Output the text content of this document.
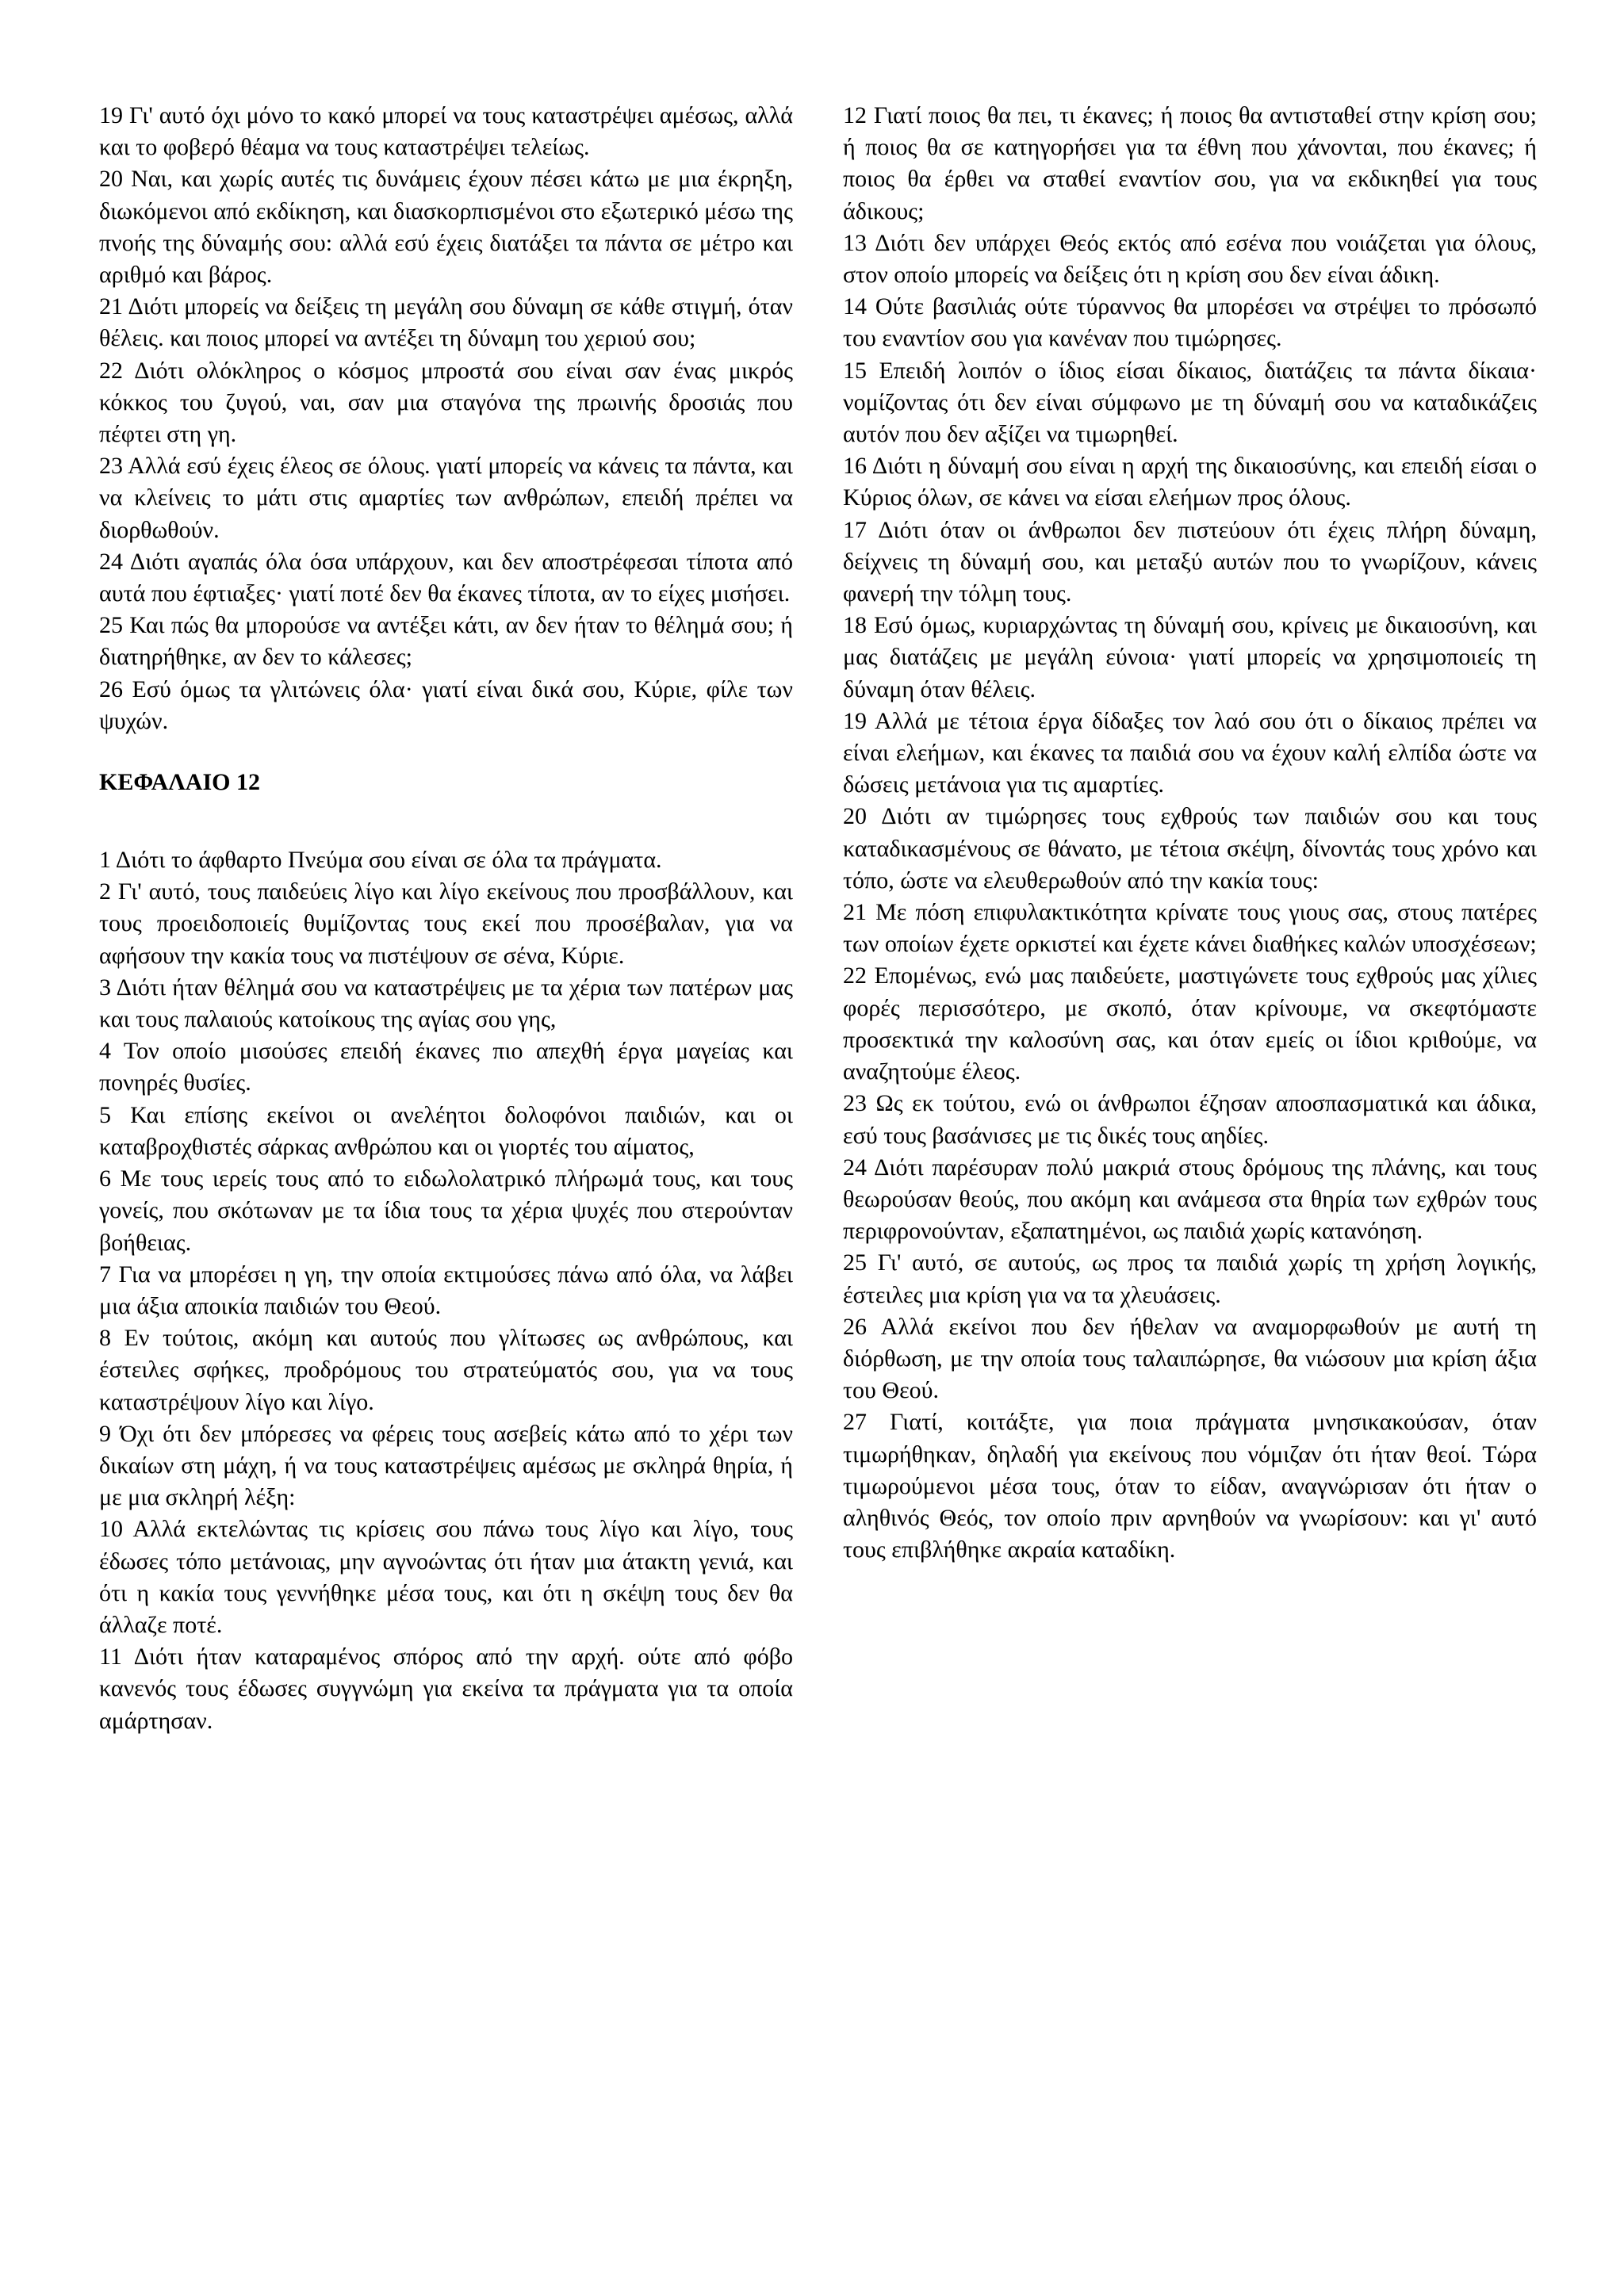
19 Γι' αυτό όχι μόνο το κακό μπορεί να τους καταστρέψει αμέσως, αλλά και το φοβερό θέαμα να τους καταστρέψει τελείως.

20 Ναι, και χωρίς αυτές τις δυνάμεις έχουν πέσει κάτω με μια έκρηξη, διωκόμενοι από εκδίκηση, και διασκορπισμένοι στο εξωτερικό μέσω της πνοής της δύναμής σου: αλλά εσύ έχεις διατάξει τα πάντα σε μέτρο και αριθμό και βάρος.

21 Διότι μπορείς να δείξεις τη μεγάλη σου δύναμη σε κάθε στιγμή, όταν θέλεις. και ποιος μπορεί να αντέξει τη δύναμη του χεριού σου;

22 Διότι ολόκληρος ο κόσμος μπροστά σου είναι σαν ένας μικρός κόκκος του ζυγού, ναι, σαν μια σταγόνα της πρωινής δροσιάς που πέφτει στη γη.

23 Αλλά εσύ έχεις έλεος σε όλους. γιατί μπορείς να κάνεις τα πάντα, και να κλείνεις το μάτι στις αμαρτίες των ανθρώπων, επειδή πρέπει να διορθωθούν.

24 Διότι αγαπάς όλα όσα υπάρχουν, και δεν αποστρέφεσαι τίποτα από αυτά που έφτιαξες· γιατί ποτέ δεν θα έκανες τίποτα, αν το είχες μισήσει.

25 Και πώς θα μπορούσε να αντέξει κάτι, αν δεν ήταν το θέλημά σου; ή διατηρήθηκε, αν δεν το κάλεσες;

26 Εσύ όμως τα γλιτώνεις όλα· γιατί είναι δικά σου, Κύριε, φίλε των ψυχών.

ΚΕΦΑΛΑΙΟ 12

1 Διότι το άφθαρτο Πνεύμα σου είναι σε όλα τα πράγματα.

2 Γι' αυτό, τους παιδεύεις λίγο και λίγο εκείνους που προσβάλλουν, και τους προειδοποιείς θυμίζοντας τους εκεί που προσέβαλαν, για να αφήσουν την κακία τους να πιστέψουν σε σένα, Κύριε.

3 Διότι ήταν θέλημά σου να καταστρέψεις με τα χέρια των πατέρων μας και τους παλαιούς κατοίκους της αγίας σου γης,

4 Τον οποίο μισούσες επειδή έκανες πιο απεχθή έργα μαγείας και πονηρές θυσίες.

5 Και επίσης εκείνοι οι ανελέητοι δολοφόνοι παιδιών, και οι καταβροχθιστές σάρκας ανθρώπου και οι γιορτές του αίματος,

6 Με τους ιερείς τους από το ειδωλολατρικό πλήρωμά τους, και τους γονείς, που σκότωναν με τα ίδια τους τα χέρια ψυχές που στερούνταν βοήθειας.

7 Για να μπορέσει η γη, την οποία εκτιμούσες πάνω από όλα, να λάβει μια άξια αποικία παιδιών του Θεού.

8 Εν τούτοις, ακόμη και αυτούς που γλίτωσες ως ανθρώπους, και έστειλες σφήκες, προδρόμους του στρατεύματός σου, για να τους καταστρέψουν λίγο και λίγο.

9 Όχι ότι δεν μπόρεσες να φέρεις τους ασεβείς κάτω από το χέρι των δικαίων στη μάχη, ή να τους καταστρέψεις αμέσως με σκληρά θηρία, ή με μια σκληρή λέξη:

10 Αλλά εκτελώντας τις κρίσεις σου πάνω τους λίγο και λίγο, τους έδωσες τόπο μετάνοιας, μην αγνοώντας ότι ήταν μια άτακτη γενιά, και ότι η κακία τους γεννήθηκε μέσα τους, και ότι η σκέψη τους δεν θα άλλαζε ποτέ.

11 Διότι ήταν καταραμένος σπόρος από την αρχή. ούτε από φόβο κανενός τους έδωσες συγγνώμη για εκείνα τα πράγματα για τα οποία αμάρτησαν.

12 Γιατί ποιος θα πει, τι έκανες; ή ποιος θα αντισταθεί στην κρίση σου; ή ποιος θα σε κατηγορήσει για τα έθνη που χάνονται, που έκανες; ή ποιος θα έρθει να σταθεί εναντίον σου, για να εκδικηθεί για τους άδικους;

13 Διότι δεν υπάρχει Θεός εκτός από εσένα που νοιάζεται για όλους, στον οποίο μπορείς να δείξεις ότι η κρίση σου δεν είναι άδικη.

14 Ούτε βασιλιάς ούτε τύραννος θα μπορέσει να στρέψει το πρόσωπό του εναντίον σου για κανέναν που τιμώρησες.

15 Επειδή λοιπόν ο ίδιος είσαι δίκαιος, διατάζεις τα πάντα δίκαια· νομίζοντας ότι δεν είναι σύμφωνο με τη δύναμή σου να καταδικάζεις αυτόν που δεν αξίζει να τιμωρηθεί.

16 Διότι η δύναμή σου είναι η αρχή της δικαιοσύνης, και επειδή είσαι ο Κύριος όλων, σε κάνει να είσαι ελεήμων προς όλους.

17 Διότι όταν οι άνθρωποι δεν πιστεύουν ότι έχεις πλήρη δύναμη, δείχνεις τη δύναμή σου, και μεταξύ αυτών που το γνωρίζουν, κάνεις φανερή την τόλμη τους.

18 Εσύ όμως, κυριαρχώντας τη δύναμή σου, κρίνεις με δικαιοσύνη, και μας διατάζεις με μεγάλη εύνοια· γιατί μπορείς να χρησιμοποιείς τη δύναμη όταν θέλεις.

19 Αλλά με τέτοια έργα δίδαξες τον λαό σου ότι ο δίκαιος πρέπει να είναι ελεήμων, και έκανες τα παιδιά σου να έχουν καλή ελπίδα ώστε να δώσεις μετάνοια για τις αμαρτίες.

20 Διότι αν τιμώρησες τους εχθρούς των παιδιών σου και τους καταδικασμένους σε θάνατο, με τέτοια σκέψη, δίνοντάς τους χρόνο και τόπο, ώστε να ελευθερωθούν από την κακία τους:

21 Με πόση επιφυλακτικότητα κρίνατε τους γιους σας, στους πατέρες των οποίων έχετε ορκιστεί και έχετε κάνει διαθήκες καλών υποσχέσεων;

22 Επομένως, ενώ μας παιδεύετε, μαστιγώνετε τους εχθρούς μας χίλιες φορές περισσότερο, με σκοπό, όταν κρίνουμε, να σκεφτόμαστε προσεκτικά την καλοσύνη σας, και όταν εμείς οι ίδιοι κριθούμε, να αναζητούμε έλεος.

23 Ως εκ τούτου, ενώ οι άνθρωποι έζησαν αποσπασματικά και άδικα, εσύ τους βασάνισες με τις δικές τους αηδίες.

24 Διότι παρέσυραν πολύ μακριά στους δρόμους της πλάνης, και τους θεωρούσαν θεούς, που ακόμη και ανάμεσα στα θηρία των εχθρών τους περιφρονούνταν, εξαπατημένοι, ως παιδιά χωρίς κατανόηση.

25 Γι' αυτό, σε αυτούς, ως προς τα παιδιά χωρίς τη χρήση λογικής, έστειλες μια κρίση για να τα χλευάσεις.

26 Αλλά εκείνοι που δεν ήθελαν να αναμορφωθούν με αυτή τη διόρθωση, με την οποία τους ταλαιπώρησε, θα νιώσουν μια κρίση άξια του Θεού.

27 Γιατί, κοιτάξτε, για ποια πράγματα μνησικακούσαν, όταν τιμωρήθηκαν, δηλαδή για εκείνους που νόμιζαν ότι ήταν θεοί. Τώρα τιμωρούμενοι μέσα τους, όταν το είδαν, αναγνώρισαν ότι ήταν ο αληθινός Θεός, τον οποίο πριν αρνηθούν να γνωρίσουν: και γι' αυτό τους επιβλήθηκε ακραία καταδίκη.
